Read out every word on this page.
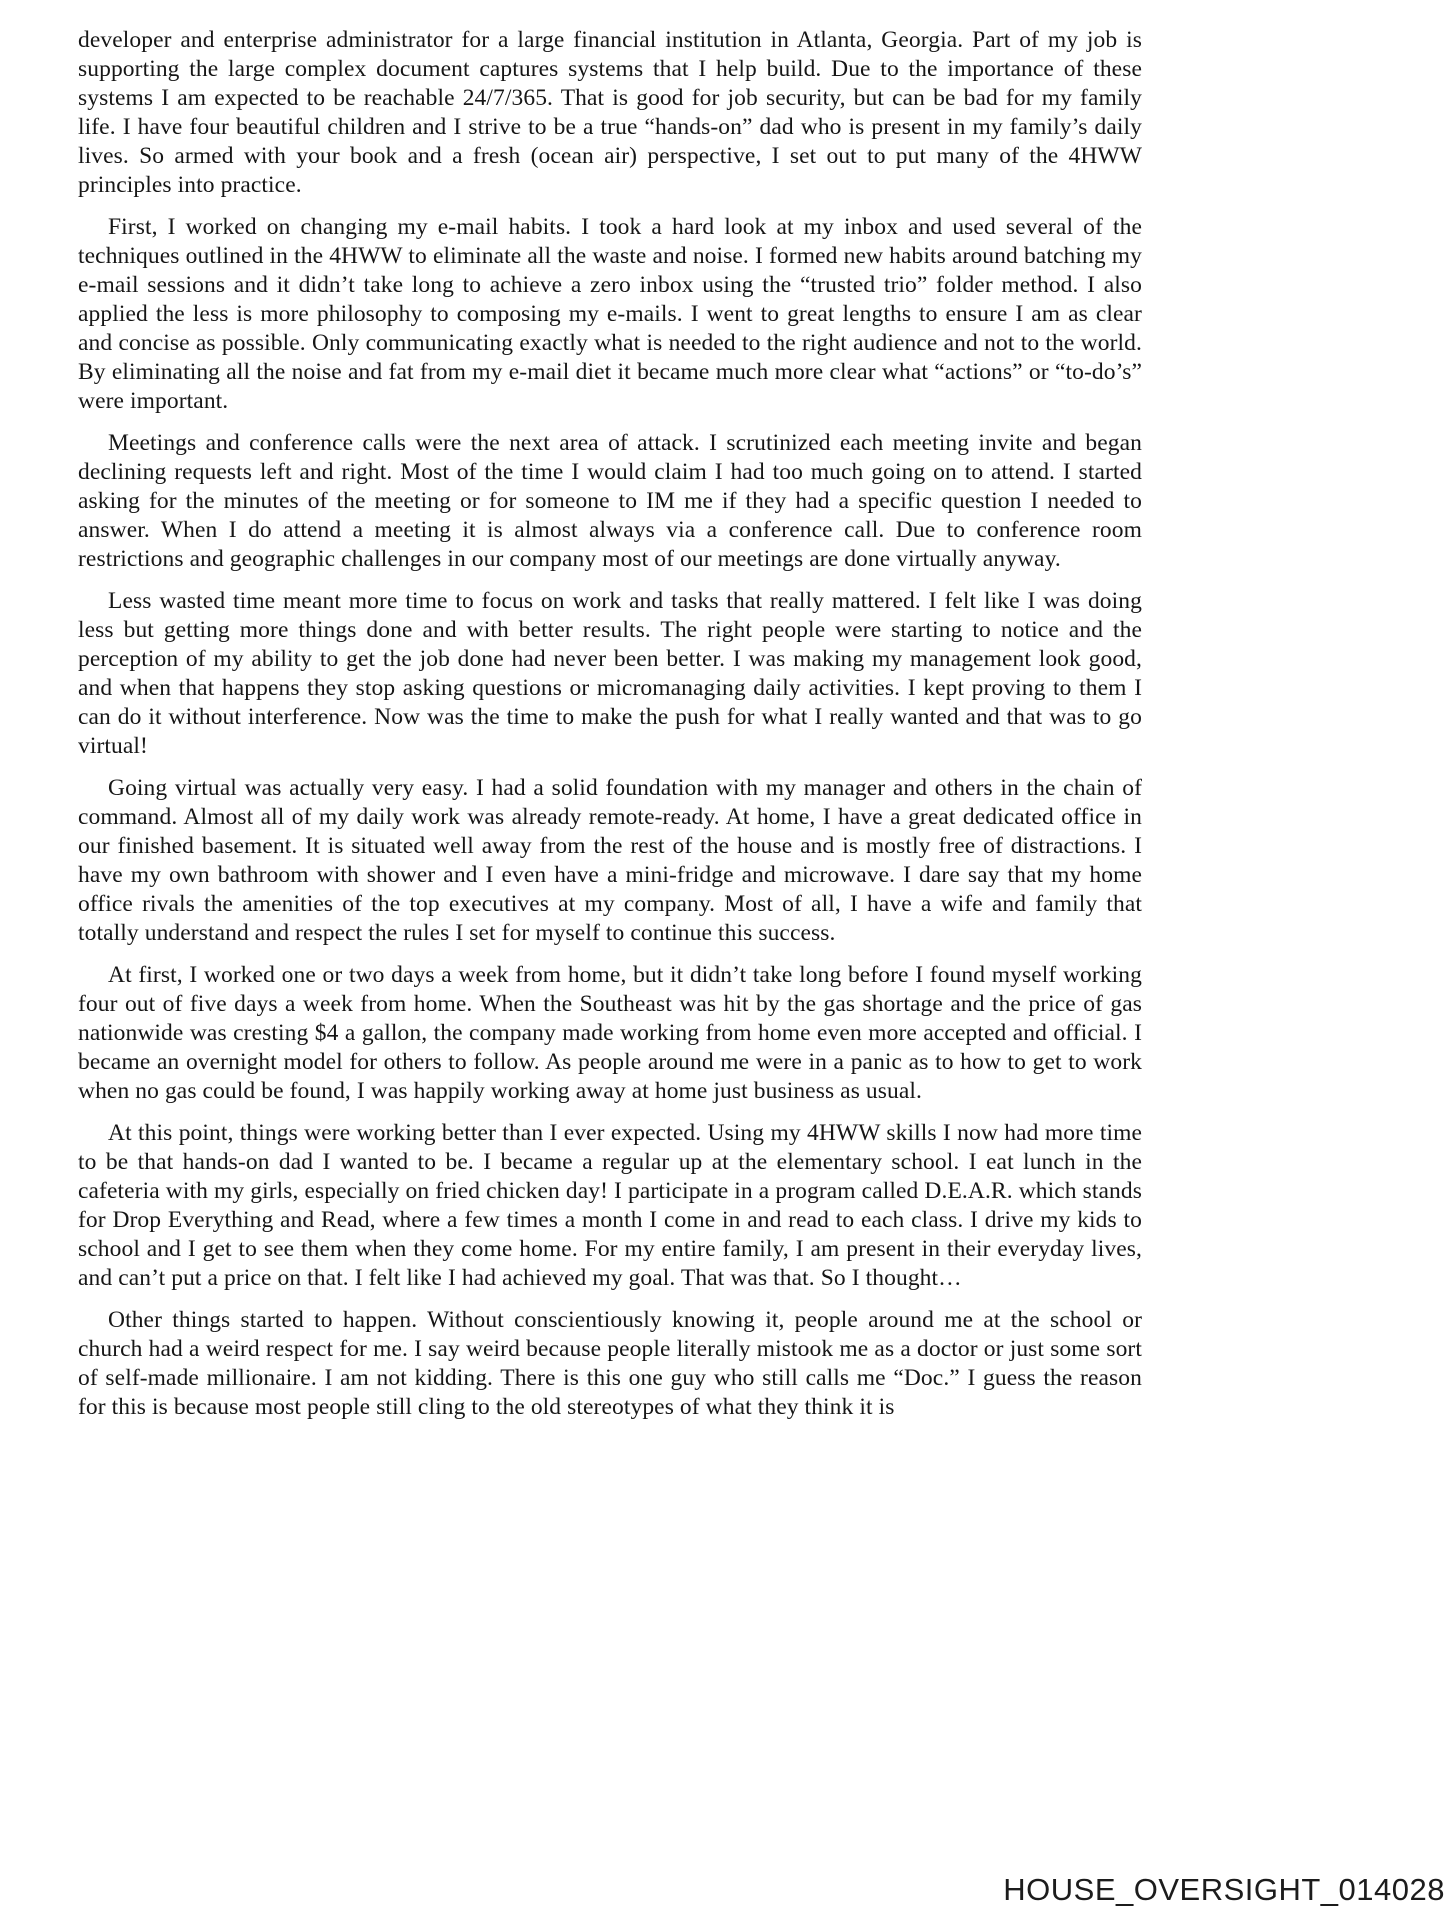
developer and enterprise administrator for a large financial institution in Atlanta, Georgia. Part of my job is supporting the large complex document captures systems that I help build. Due to the importance of these systems I am expected to be reachable 24/7/365. That is good for job security, but can be bad for my family life. I have four beautiful children and I strive to be a true “hands-on” dad who is present in my family’s daily lives. So armed with your book and a fresh (ocean air) perspective, I set out to put many of the 4HWW principles into practice.

First, I worked on changing my e-mail habits. I took a hard look at my inbox and used several of the techniques outlined in the 4HWW to eliminate all the waste and noise. I formed new habits around batching my e-mail sessions and it didn’t take long to achieve a zero inbox using the “trusted trio” folder method. I also applied the less is more philosophy to composing my e-mails. I went to great lengths to ensure I am as clear and concise as possible. Only communicating exactly what is needed to the right audience and not to the world. By eliminating all the noise and fat from my e-mail diet it became much more clear what “actions” or “to-do’s” were important.

Meetings and conference calls were the next area of attack. I scrutinized each meeting invite and began declining requests left and right. Most of the time I would claim I had too much going on to attend. I started asking for the minutes of the meeting or for someone to IM me if they had a specific question I needed to answer. When I do attend a meeting it is almost always via a conference call. Due to conference room restrictions and geographic challenges in our company most of our meetings are done virtually anyway.

Less wasted time meant more time to focus on work and tasks that really mattered. I felt like I was doing less but getting more things done and with better results. The right people were starting to notice and the perception of my ability to get the job done had never been better. I was making my management look good, and when that happens they stop asking questions or micromanaging daily activities. I kept proving to them I can do it without interference. Now was the time to make the push for what I really wanted and that was to go virtual!

Going virtual was actually very easy. I had a solid foundation with my manager and others in the chain of command. Almost all of my daily work was already remote-ready. At home, I have a great dedicated office in our finished basement. It is situated well away from the rest of the house and is mostly free of distractions. I have my own bathroom with shower and I even have a mini-fridge and microwave. I dare say that my home office rivals the amenities of the top executives at my company. Most of all, I have a wife and family that totally understand and respect the rules I set for myself to continue this success.

At first, I worked one or two days a week from home, but it didn’t take long before I found myself working four out of five days a week from home. When the Southeast was hit by the gas shortage and the price of gas nationwide was cresting $4 a gallon, the company made working from home even more accepted and official. I became an overnight model for others to follow. As people around me were in a panic as to how to get to work when no gas could be found, I was happily working away at home just business as usual.

At this point, things were working better than I ever expected. Using my 4HWW skills I now had more time to be that hands-on dad I wanted to be. I became a regular up at the elementary school. I eat lunch in the cafeteria with my girls, especially on fried chicken day! I participate in a program called D.E.A.R. which stands for Drop Everything and Read, where a few times a month I come in and read to each class. I drive my kids to school and I get to see them when they come home. For my entire family, I am present in their everyday lives, and can’t put a price on that. I felt like I had achieved my goal. That was that. So I thought…

Other things started to happen. Without conscientiously knowing it, people around me at the school or church had a weird respect for me. I say weird because people literally mistook me as a doctor or just some sort of self-made millionaire. I am not kidding. There is this one guy who still calls me “Doc.” I guess the reason for this is because most people still cling to the old stereotypes of what they think it is

HOUSE_OVERSIGHT_014028
